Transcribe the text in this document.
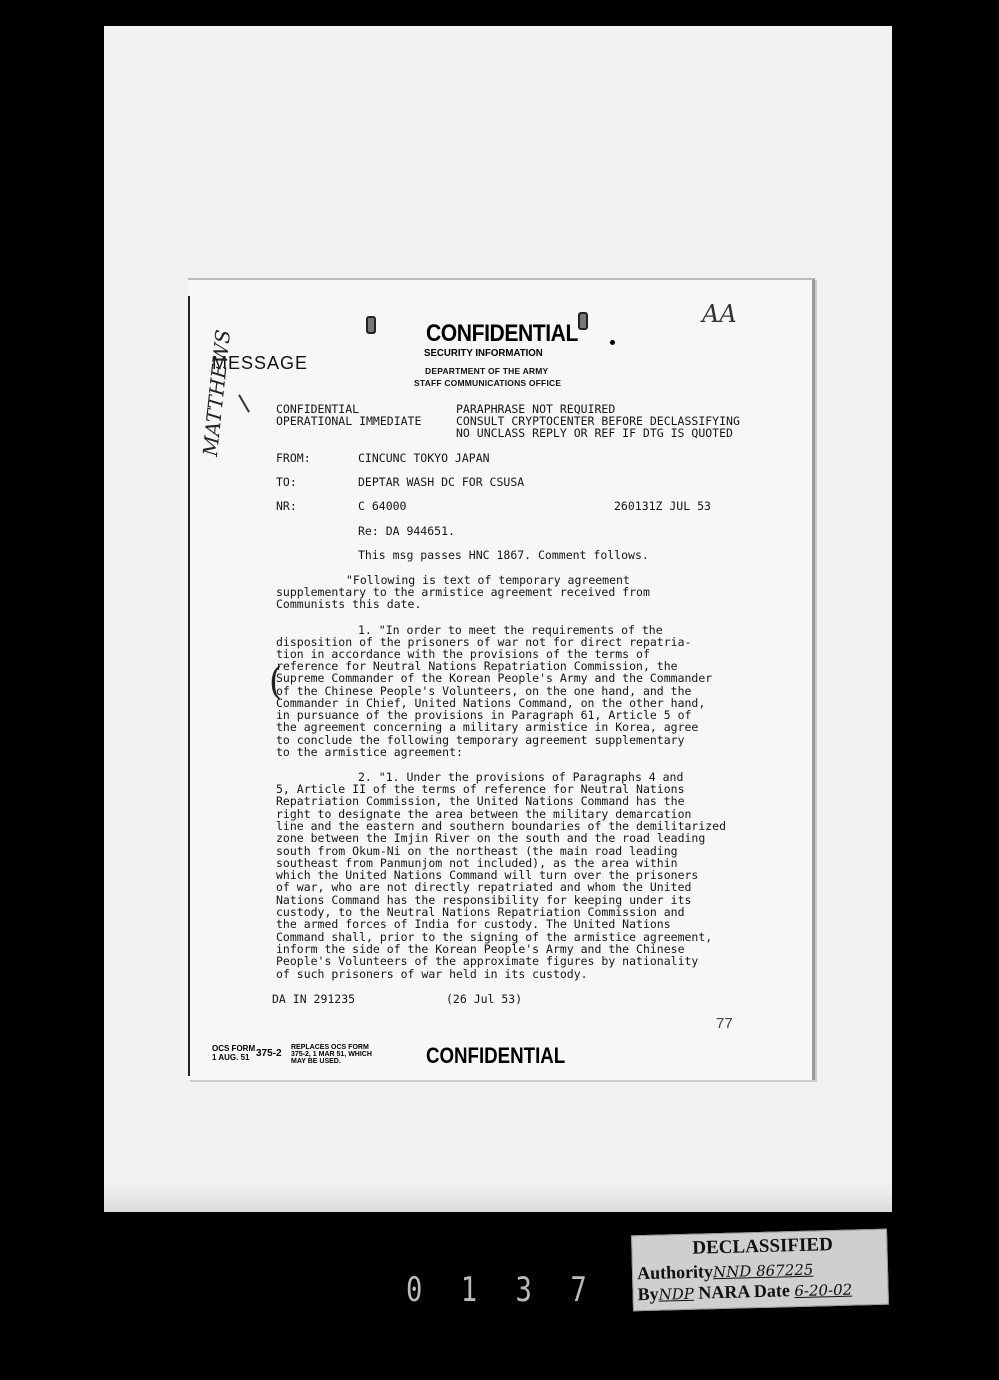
CONFIDENTIAL
SECURITY INFORMATION
DEPARTMENT OF THE ARMY
STAFF COMMUNICATIONS OFFICE
MESSAGE
AA
CONFIDENTIAL
OPERATIONAL IMMEDIATE
PARAPHRASE NOT REQUIRED
CONSULT CRYPTOCENTER BEFORE DECLASSIFYING
NO UNCLASS REPLY OR REF IF DTG IS QUOTED
FROM:	CINCUNC TOKYO JAPAN
TO:	DEPTAR WASH DC FOR CSUSA
NR:	C 64000	260131Z JUL 53
Re: DA 944651.
This msg passes HNC 1867. Comment follows.
"Following is text of temporary agreement
supplementary to the armistice agreement received from
Communists this date.
(
1. "In order to meet the requirements of the
disposition of the prisoners of war not for direct repatria-
tion in accordance with the provisions of the terms of
reference for Neutral Nations Repatriation Commission, the
Supreme Commander of the Korean People's Army and the Commander
of the Chinese People's Volunteers, on the one hand, and the
Commander in Chief, United Nations Command, on the other hand,
in pursuance of the provisions in Paragraph 61, Article 5 of
the agreement concerning a military armistice in Korea, agree
to conclude the following temporary agreement supplementary
to the armistice agreement:
2. "1. Under the provisions of Paragraphs 4 and
5, Article II of the terms of reference for Neutral Nations
Repatriation Commission, the United Nations Command has the
right to designate the area between the military demarcation
line and the eastern and southern boundaries of the demilitarized
zone between the Imjin River on the south and the road leading
south from Okum-Ni on the northeast (the main road leading
southeast from Panmunjom not included), as the area within
which the United Nations Command will turn over the prisoners
of war, who are not directly repatriated and whom the United
Nations Command has the responsibility for keeping under its
custody, to the Neutral Nations Repatriation Commission and
the armed forces of India for custody. The United Nations
Command shall, prior to the signing of the armistice agreement,
inform the side of the Korean People's Army and the Chinese
People's Volunteers of the approximate figures by nationality
of such prisoners of war held in its custody.
DA IN 291235	(26 Jul 53)
77
OCS FORM
1 AUG. 51 375-2
REPLACES OCS FORM
375-2, 1 MAR 51, WHICH
MAY BE USED.	CONFIDENTIAL
MATTHEWS
DECLASSIFIED
AuthorityNND 867225
ByNDP NARA Date 6-20-02
0137
